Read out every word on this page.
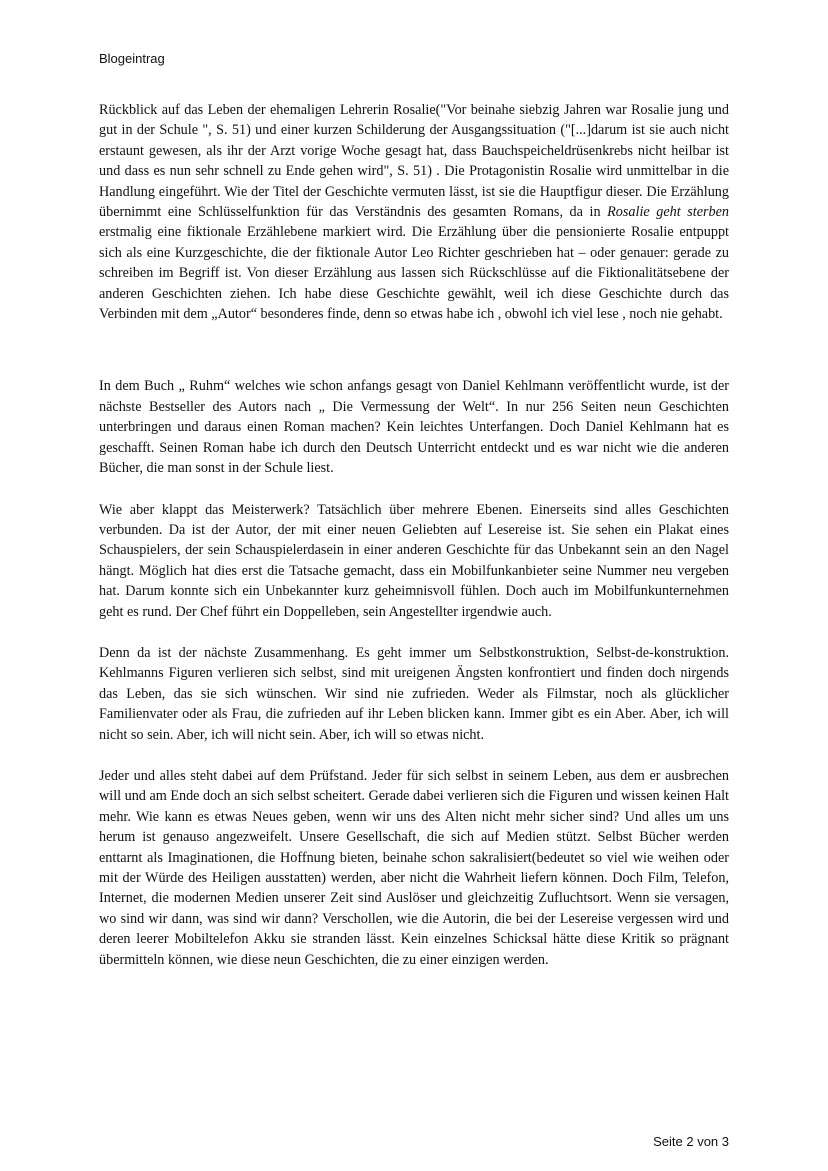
Blogeintrag

Rückblick auf das Leben der ehemaligen Lehrerin Rosalie("Vor beinahe siebzig Jahren war Rosalie jung und gut in der Schule ", S. 51) und einer kurzen Schilderung der Ausgangssituation ("[...]darum ist sie auch nicht erstaunt gewesen, als ihr der Arzt vorige Woche gesagt hat, dass Bauchspeicheldrüsenkrebs nicht heilbar ist und dass es nun sehr schnell zu Ende gehen wird", S. 51) . Die Protagonistin Rosalie wird unmittelbar in die Handlung eingeführt. Wie der Titel der Geschichte vermuten lässt, ist sie die Hauptfigur dieser. Die Erzählung übernimmt eine Schlüsselfunktion für das Verständnis des gesamten Romans, da in Rosalie geht sterben erstmalig eine fiktionale Erzählebene markiert wird. Die Erzählung über die pensionierte Rosalie entpuppt sich als eine Kurzgeschichte, die der fiktionale Autor Leo Richter geschrieben hat – oder genauer: gerade zu schreiben im Begriff ist. Von dieser Erzählung aus lassen sich Rückschlüsse auf die Fiktionalitätsebene der anderen Geschichten ziehen. Ich habe diese Geschichte gewählt, weil ich diese Geschichte durch das Verbinden mit dem „Autor“ besonderes finde, denn so etwas habe ich , obwohl ich viel lese , noch nie gehabt.

In dem Buch „ Ruhm“ welches wie schon anfangs gesagt von Daniel Kehlmann veröffentlicht wurde, ist der nächste Bestseller des Autors nach „ Die Vermessung der Welt“. In nur 256 Seiten neun Geschichten unterbringen und daraus einen Roman machen? Kein leichtes Unterfangen. Doch Daniel Kehlmann hat es geschafft. Seinen Roman habe ich durch den Deutsch Unterricht entdeckt und es war nicht wie die anderen Bücher, die man sonst in der Schule liest.

Wie aber klappt das Meisterwerk? Tatsächlich über mehrere Ebenen. Einerseits sind alles Geschichten verbunden. Da ist der Autor, der mit einer neuen Geliebten auf Lesereise ist. Sie sehen ein Plakat eines Schauspielers, der sein Schauspielerdasein in einer anderen Geschichte für das Unbekannt sein an den Nagel hängt. Möglich hat dies erst die Tatsache gemacht, dass ein Mobilfunkanbieter seine Nummer neu vergeben hat. Darum konnte sich ein Unbekannter kurz geheimnisvoll fühlen. Doch auch im Mobilfunkunternehmen geht es rund. Der Chef führt ein Doppelleben, sein Angestellter irgendwie auch.

Denn da ist der nächste Zusammenhang. Es geht immer um Selbstkonstruktion, Selbst-de-konstruktion. Kehlmanns Figuren verlieren sich selbst, sind mit ureigenen Ängsten konfrontiert und finden doch nirgends das Leben, das sie sich wünschen. Wir sind nie zufrieden. Weder als Filmstar, noch als glücklicher Familienvater oder als Frau, die zufrieden auf ihr Leben blicken kann. Immer gibt es ein Aber. Aber, ich will nicht so sein. Aber, ich will nicht sein. Aber, ich will so etwas nicht.

Jeder und alles steht dabei auf dem Prüfstand. Jeder für sich selbst in seinem Leben, aus dem er ausbrechen will und am Ende doch an sich selbst scheitert. Gerade dabei verlieren sich die Figuren und wissen keinen Halt mehr. Wie kann es etwas Neues geben, wenn wir uns des Alten nicht mehr sicher sind? Und alles um uns herum ist genauso angezweifelt. Unsere Gesellschaft, die sich auf Medien stützt. Selbst Bücher werden enttarnt als Imaginationen, die Hoffnung bieten, beinahe schon sakralisiert(bedeutet so viel wie weihen oder mit der Würde des Heiligen ausstatten) werden, aber nicht die Wahrheit liefern können. Doch Film, Telefon, Internet, die modernen Medien unserer Zeit sind Auslöser und gleichzeitig Zufluchtsort. Wenn sie versagen, wo sind wir dann, was sind wir dann? Verschollen, wie die Autorin, die bei der Lesereise vergessen wird und deren leerer Mobiltelefon Akku sie stranden lässt. Kein einzelnes Schicksal hätte diese Kritik so prägnant übermitteln können, wie diese neun Geschichten, die zu einer einzigen werden.

Seite 2 von 3
